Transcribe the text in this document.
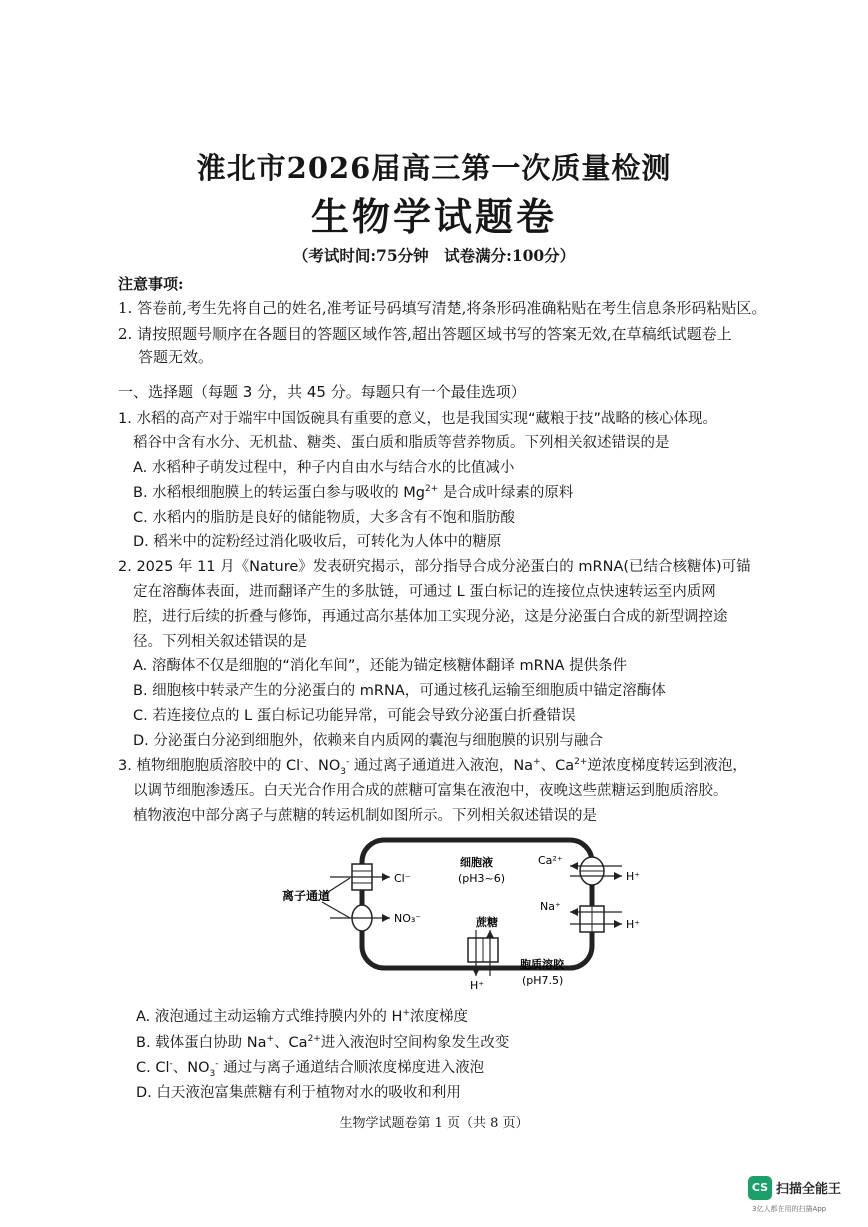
淮北市2026届高三第一次质量检测
生物学试题卷
（考试时间:75分钟　试卷满分:100分）
注意事项:
1. 答卷前,考生先将自己的姓名,准考证号码填写清楚,将条形码准确粘贴在考生信息条形码粘贴区。
2. 请按照题号顺序在各题目的答题区域作答,超出答题区域书写的答案无效,在草稿纸试题卷上
答题无效。
一、选择题（每题 3 分，共 45 分。每题只有一个最佳选项）
1. 水稻的高产对于端牢中国饭碗具有重要的意义，也是我国实现“藏粮于技”战略的核心体现。
稻谷中含有水分、无机盐、糖类、蛋白质和脂质等营养物质。下列相关叙述错误的是
A. 水稻种子萌发过程中，种子内自由水与结合水的比值减小
B. 水稻根细胞膜上的转运蛋白参与吸收的 $Mg^{2+}$ 是合成叶绿素的原料
C. 水稻内的脂肪是良好的储能物质，大多含有不饱和脂肪酸
D. 稻米中的淀粉经过消化吸收后，可转化为人体中的糖原
2. 2025 年 11 月《Nature》发表研究揭示，部分指导合成分泌蛋白的 mRNA(已结合核糖体)可锚
定在溶酶体表面，进而翻译产生的多肽链，可通过 L 蛋白标记的连接位点快速转运至内质网
腔，进行后续的折叠与修饰，再通过高尔基体加工实现分泌，这是分泌蛋白合成的新型调控途
径。下列相关叙述错误的是
A. 溶酶体不仅是细胞的“消化车间”，还能为锚定核糖体翻译 mRNA 提供条件
B. 细胞核中转录产生的分泌蛋白的 mRNA，可通过核孔运输至细胞质中锚定溶酶体
C. 若连接位点的 L 蛋白标记功能异常，可能会导致分泌蛋白折叠错误
D. 分泌蛋白分泌到细胞外，依赖来自内质网的囊泡与细胞膜的识别与融合
3. 植物细胞胞质溶胶中的 Cl-、$NO_3^-$ 通过离子通道进入液泡，Na+、$Ca^{2+}$逆浓度梯度转运到液泡，
以调节细胞渗透压。白天光合作用合成的蔗糖可富集在液泡中，夜晚这些蔗糖运到胞质溶胶。
植物液泡中部分离子与蔗糖的转运机制如图所示。下列相关叙述错误的是
离子通道
Cl⁻
NO₃⁻
细胞液
(pH3~6)
Ca²⁺
H⁺
Na⁺
H⁺
蔗糖
H⁺
胞质溶胶
(pH7.5)
A. 液泡通过主动运输方式维持膜内外的 H+浓度梯度
B. 载体蛋白协助 Na+、$Ca^{2+}$进入液泡时空间构象发生改变
C. Cl-、$NO_3^-$ 通过与离子通道结合顺浓度梯度进入液泡
D. 白天液泡富集蔗糖有利于植物对水的吸收和利用
生物学试题卷第 1 页（共 8 页）
CS 扫描全能王
3亿人都在用的扫描App
